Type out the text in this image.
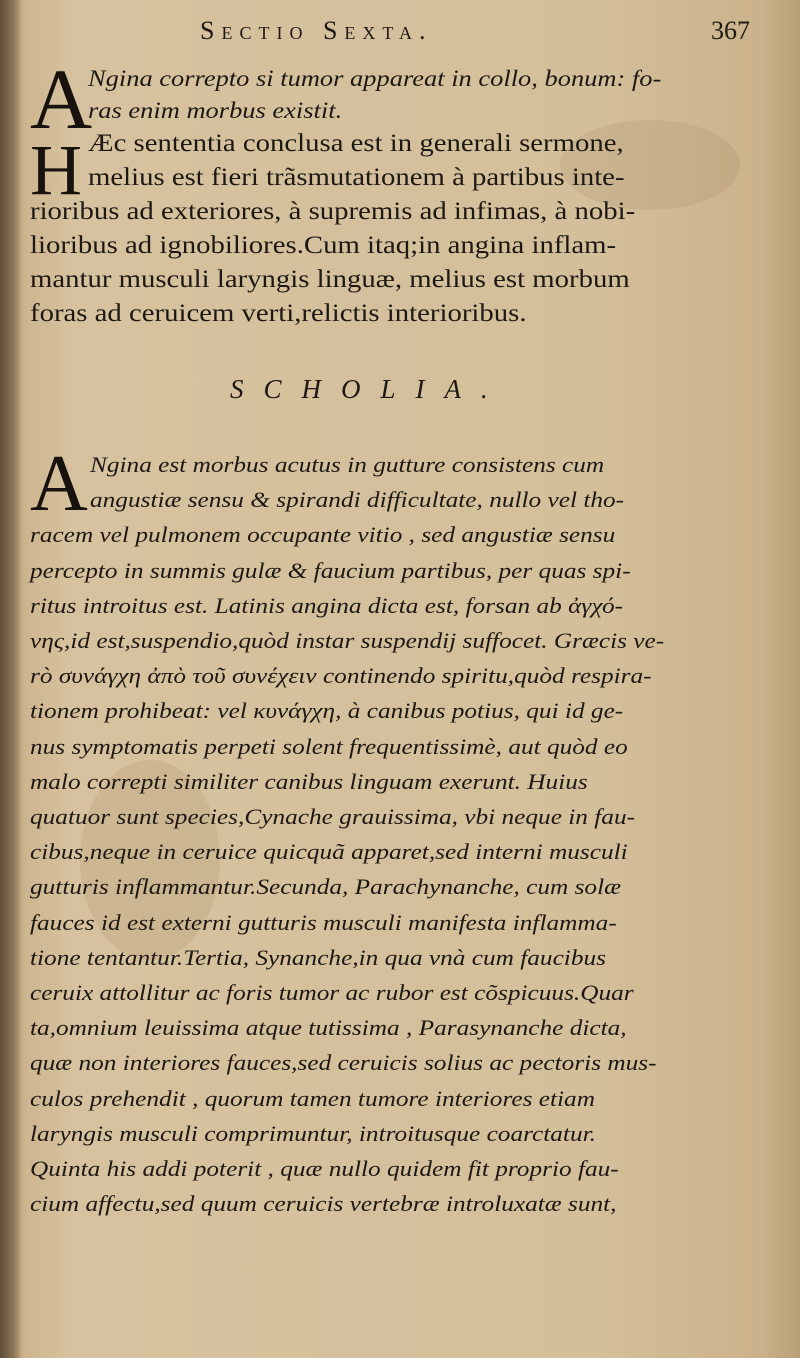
Sectio Sexta.	367
A
Ngina correpto si tumor appareat in collo, bonum: fo-
ras enim morbus existit.
H Æc sententia conclusa est in generali sermone,
melius est fieri trãsmutationem à partibus inte-
rioribus ad exteriores, à supremis ad infimas, à nobi-
lioribus ad ignobiliores.Cum itaq;in angina inflam-
mantur musculi laryngis linguæ, melius est morbum
foras ad ceruicem verti,relictis interioribus.
SCHOLIA.
A Ngina est morbus acutus in gutture consistens cum
angustiæ sensu & spirandi difficultate, nullo vel tho-
racem vel pulmonem occupante vitio , sed angustiæ sensu
percepto in summis gulæ & faucium partibus, per quas spi-
ritus introitus est. Latinis angina dicta est, forsan ab ἀγχό-
νης,id est,suspendio,quòd instar suspendij suffocet. Græcis ve-
rò συνάγχη ἀπὸ τοῦ συνέχειν continendo spiritu,quòd respira-
tionem prohibeat: vel κυνάγχη, à canibus potius, qui id ge-
nus symptomatis perpeti solent frequentissimè, aut quòd eo
malo correpti similiter canibus linguam exerunt. Huius
quatuor sunt species,Cynache grauissima, vbi neque in fau-
cibus,neque in ceruice quicquã apparet,sed interni musculi
gutturis inflammantur.Secunda, Parachynanche, cum solæ
fauces id est externi gutturis musculi manifesta inflamma-
tione tentantur.Tertia, Synanche,in qua vnà cum faucibus
ceruix attollitur ac foris tumor ac rubor est cõspicuus.Quar
ta,omnium leuissima atque tutissima , Parasynanche dicta,
quæ non interiores fauces,sed ceruicis solius ac pectoris mus-
culos prehendit , quorum tamen tumore interiores etiam
laryngis musculi comprimuntur, introitusque coarctatur.
Quinta his addi poterit , quæ nullo quidem fit proprio fau-
cium affectu,sed quum ceruicis vertebræ introluxatæ sunt,
